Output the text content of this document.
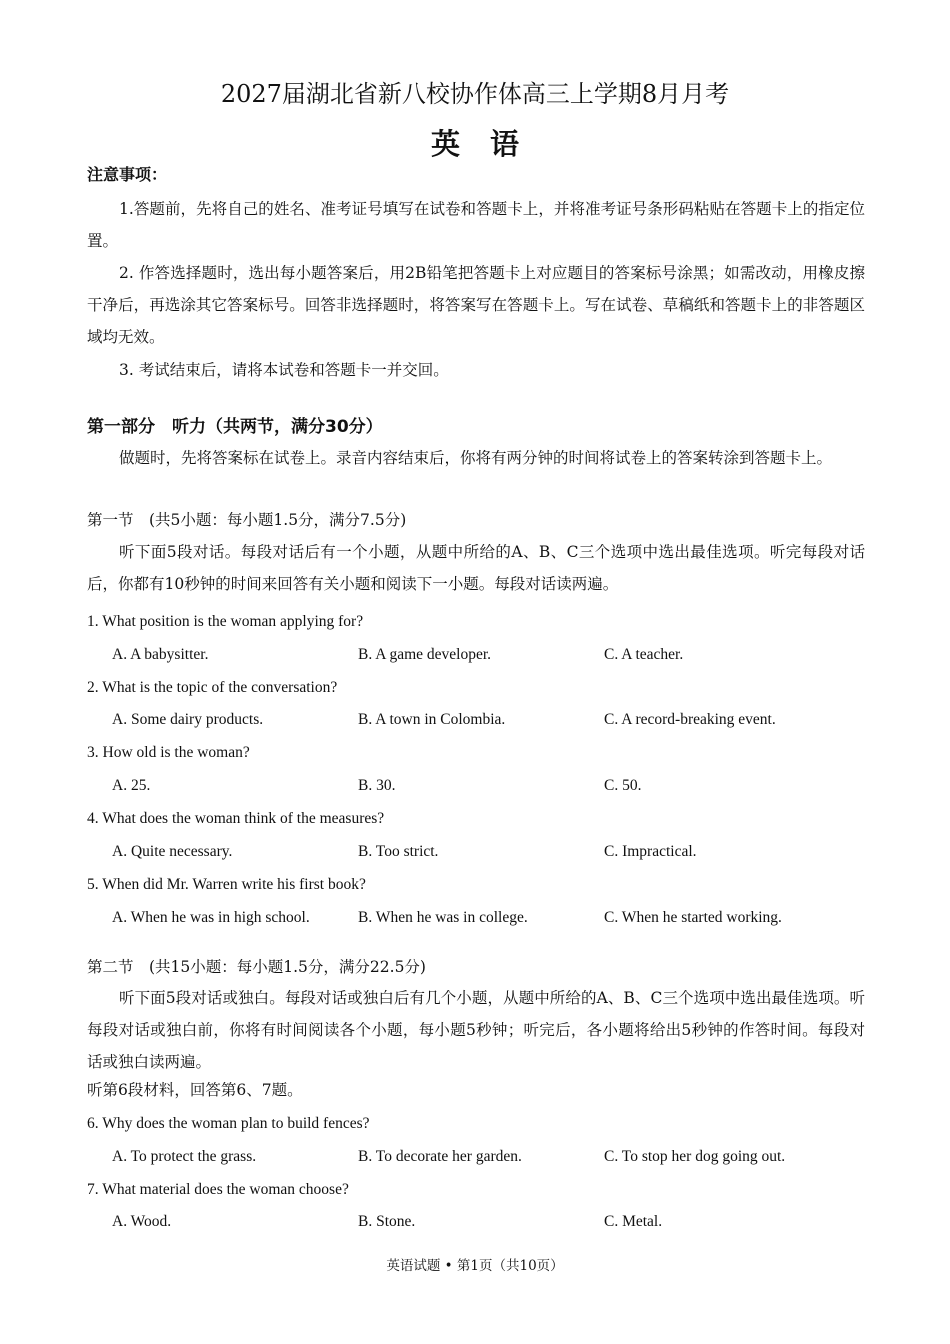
2027届湖北省新八校协作体高三上学期8月月考
英语
注意事项：
1.答题前，先将自己的姓名、准考证号填写在试卷和答题卡上，并将准考证号条形码粘贴在答题卡上的指定位置。
2. 作答选择题时，选出每小题答案后，用2B铅笔把答题卡上对应题目的答案标号涂黑；如需改动，用橡皮擦干净后，再选涂其它答案标号。回答非选择题时，将答案写在答题卡上。写在试卷、草稿纸和答题卡上的非答题区域均无效。
3. 考试结束后，请将本试卷和答题卡一并交回。
第一部分　听力（共两节，满分30分）
做题时，先将答案标在试卷上。录音内容结束后，你将有两分钟的时间将试卷上的答案转涂到答题卡上。
第一节　(共5小题：每小题1.5分，满分7.5分)
听下面5段对话。每段对话后有一个小题，从题中所给的A、B、C三个选项中选出最佳选项。听完每段对话后，你都有10秒钟的时间来回答有关小题和阅读下一小题。每段对话读两遍。
1. What position is the woman applying for?
A. A babysitter.	B. A game developer.	C. A teacher.
2. What is the topic of the conversation?
A. Some dairy products.	B. A town in Colombia.	C. A record-breaking event.
3. How old is the woman?
A. 25.	B. 30.	C. 50.
4. What does the woman think of the measures?
A. Quite necessary.	B. Too strict.	C. Impractical.
5. When did Mr. Warren write his first book?
A. When he was in high school.	B. When he was in college.	C. When he started working.
第二节　(共15小题：每小题1.5分，满分22.5分)
听下面5段对话或独白。每段对话或独白后有几个小题，从题中所给的A、B、C三个选项中选出最佳选项。听每段对话或独白前，你将有时间阅读各个小题，每小题5秒钟；听完后，各小题将给出5秒钟的作答时间。每段对话或独白读两遍。
听第6段材料，回答第6、7题。
6. Why does the woman plan to build fences?
A. To protect the grass.	B. To decorate her garden.	C. To stop her dog going out.
7. What material does the woman choose?
A. Wood.	B. Stone.	C. Metal.
英语试题 • 第1页（共10页）
